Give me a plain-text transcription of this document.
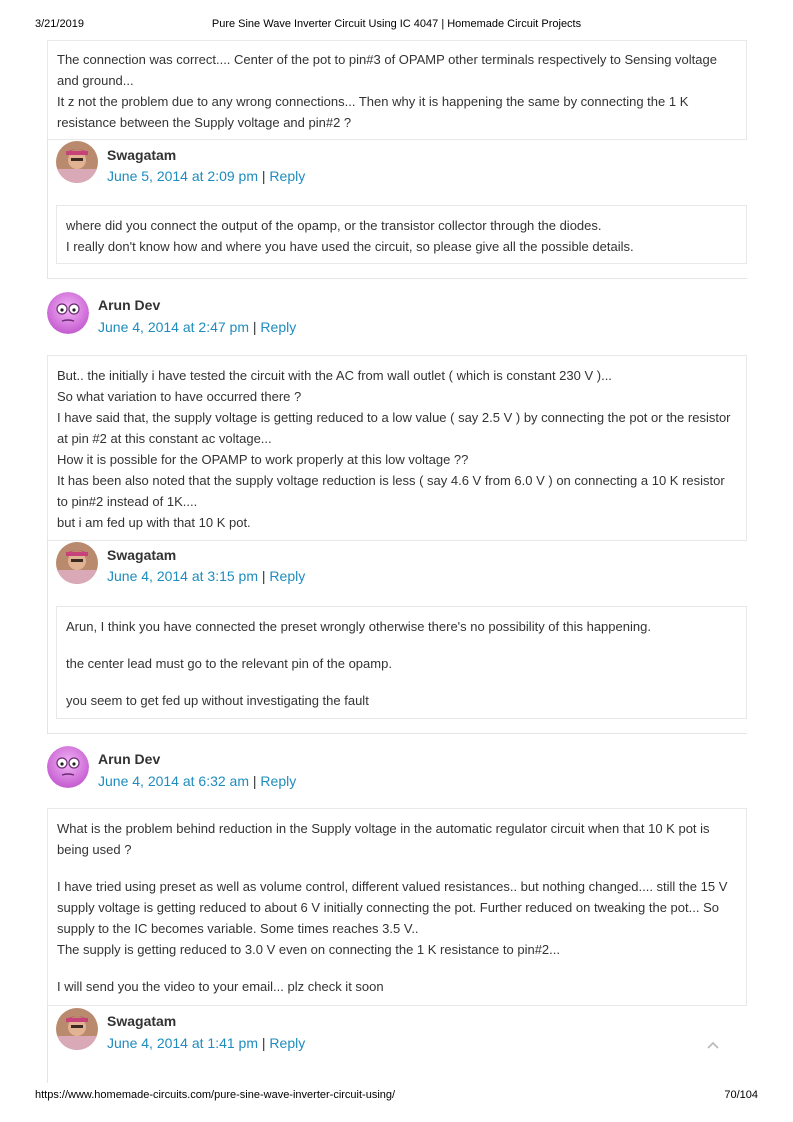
3/21/2019	Pure Sine Wave Inverter Circuit Using IC 4047 | Homemade Circuit Projects

The connection was correct.... Center of the pot to pin#3 of OPAMP other terminals respectively to Sensing voltage and ground...

It z not the problem due to any wrong connections... Then why it is happening the same by connecting the 1 K resistance between the Supply voltage and pin#2 ?

Swagatam
June 5, 2014 at 2:09 pm | Reply

where did you connect the output of the opamp, or the transistor collector through the diodes.

I really don't know how and where you have used the circuit, so please give all the possible details.

Arun Dev
June 4, 2014 at 2:47 pm | Reply

But.. the initially i have tested the circuit with the AC from wall outlet ( which is constant 230 V )...

So what variation to have occurred there ?

I have said that, the supply voltage is getting reduced to a low value ( say 2.5 V ) by connecting the pot or the resistor at pin #2 at this constant ac voltage...

How it is possible for the OPAMP to work properly at this low voltage ??

It has been also noted that the supply voltage reduction is less ( say 4.6 V from 6.0 V ) on connecting a 10 K resistor to pin#2 instead of 1K....

but i am fed up with that 10 K pot.

Swagatam
June 4, 2014 at 3:15 pm | Reply

Arun, I think you have connected the preset wrongly otherwise there's no possibility of this happening.

the center lead must go to the relevant pin of the opamp.

you seem to get fed up without investigating the fault

Arun Dev
June 4, 2014 at 6:32 am | Reply

What is the problem behind reduction in the Supply voltage in the automatic regulator circuit when that 10 K pot is being used ?

I have tried using preset as well as volume control, different valued resistances.. but nothing changed.... still the 15 V supply voltage is getting reduced to about 6 V initially connecting the pot. Further reduced on tweaking the pot... So supply to the IC becomes variable. Some times reaches 3.5 V..

The supply is getting reduced to 3.0 V even on connecting the 1 K resistance to pin#2...

I will send you the video to your email... plz check it soon

Swagatam
June 4, 2014 at 1:41 pm | Reply
https://www.homemade-circuits.com/pure-sine-wave-inverter-circuit-using/	70/104
